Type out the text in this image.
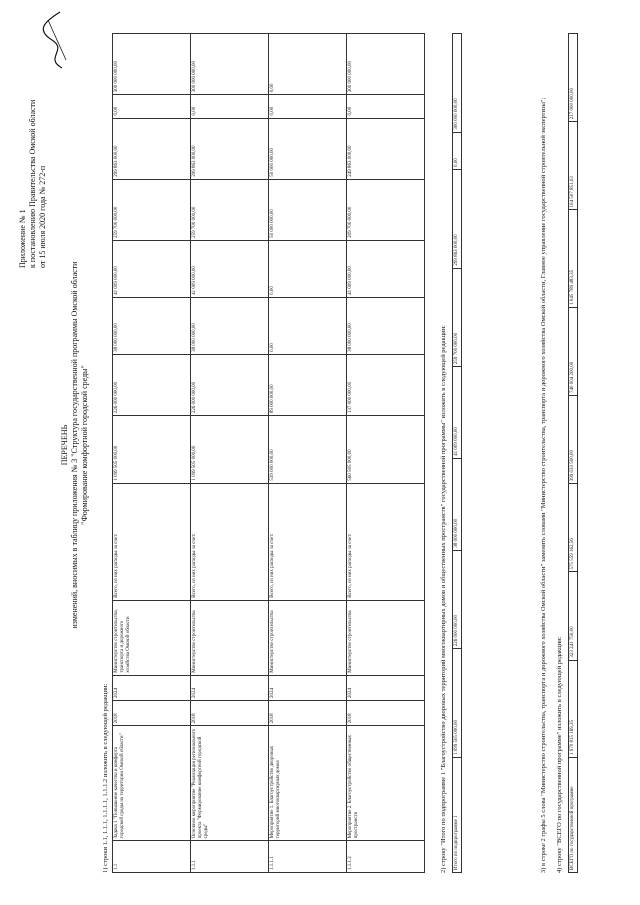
Приложение № 1 к постановлению Правительства Омской области от 15 июля 2020 года № 272-п
ПЕРЕЧЕНЬ изменений, вносимых в таблицу приложения № 3 "Структура государственной программы Омской области "Формирование комфортной городской среды"
1) строки 1.1, 1.1.1, 1.1.1.1, 1.1.1.2 изложить в следующей редакции: 1.1	Задача 1 "Повышение качества и комфорта городской среды на территории Омской области"	2018	2024	Министерство строительства, транспорта и дорожного хозяйства Омской области	Всего, из них расходы за счет:	1 099 505 000,00	226 000 000,00	38 000 000,00	41 009 000,00	259 700 000,00	299 863 000,00	0,00	300 000 000,00
1.1.1	Основное мероприятие "Реализация регионального проекта "Формирование комфортной городской среды"	2018	2024	Министерство строительства	Всего, из них расходы за счет:	1 099 505 000,00	226 000 000,00	38 000 000,00	41 009 000,00	259 700 000,00	299 863 000,00	0,00	300 000 000,00
1.1.1.1	Мероприятие 1. Благоустройство дворовых территорий многоквартирных домов	2018	2024	Министерство строительства	Всего, из них расходы за счет:	539 000 000,00	89 000 000,00	0,00	0,00	50 000 000,00	50 000 000,00	0,00	0,00
1.1.1.2	Мероприятие 2. Благоустройство общественных пространств	2018	2024	Министерство строительства	Всего, из них расходы за счет:	560 505 000,00	137 000 000,00	38 000 000,00	41 009 000,00	209 700 000,00	249 863 000,00	0,00	300 000 000,00
2) строку "Итого по подпрограмме 1 "Благоустройство дворовых территорий многоквартирных домов и общественных пространств" государственной программы" изложить в следующей редакции: Итого по подпрограмме 1	1 099 505 000,00	226 000 000,00	38 000 000,00	41 009 000,00	259 700 000,00	299 863 000,00	0,00	300 000 000,00	3) в строке 2 графы 5 слова "Министерство строительства, транспорта и дорожного хозяйства Омской области" заменить словами "Министерство строительства, транспорта и дорожного хозяйства Омской области, Главное управление государственной строительной экспертизы"; 4) строку "ВСЕГО по государственной программе" изложить в следующей редакции: ВСЕГО по государственной программе	1 970 815 169,35	323 241 750,00	575 559 162,56	399 033 500,00	740 004 200,00	1 045 789 483,35	104 507 851,03	217 000 000,00
